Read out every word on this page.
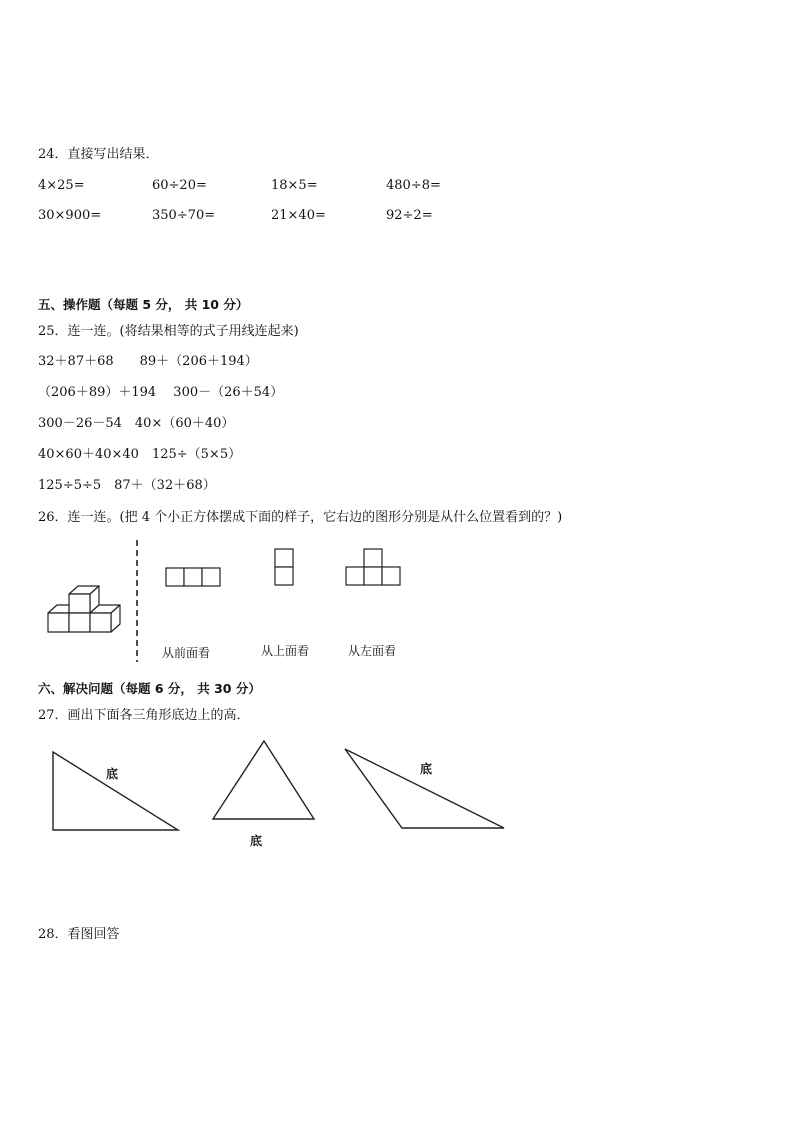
24．直接写出结果．
4×25=	60÷20=	18×5=	480÷8=
30×900=	350÷70=	21×40=	92÷2=
五、操作题（每题 5 分， 共 10 分）
25．连一连。(将结果相等的式子用线连起来)
32＋87＋68　　89＋（206＋194）
（206＋89）＋194　 300－（26＋54）
300－26－54　40×（60＋40）
40×60＋40×40　125÷（5×5）
125÷5÷5　87＋（32＋68）
26．连一连。(把 4 个小正方体摆成下面的样子，它右边的图形分别是从什么位置看到的？)
从前面看	从上面看	从左面看
六、解决问题（每题 6 分， 共 30 分）
27．画出下面各三角形底边上的高．
底
底
底
28．看图回答
